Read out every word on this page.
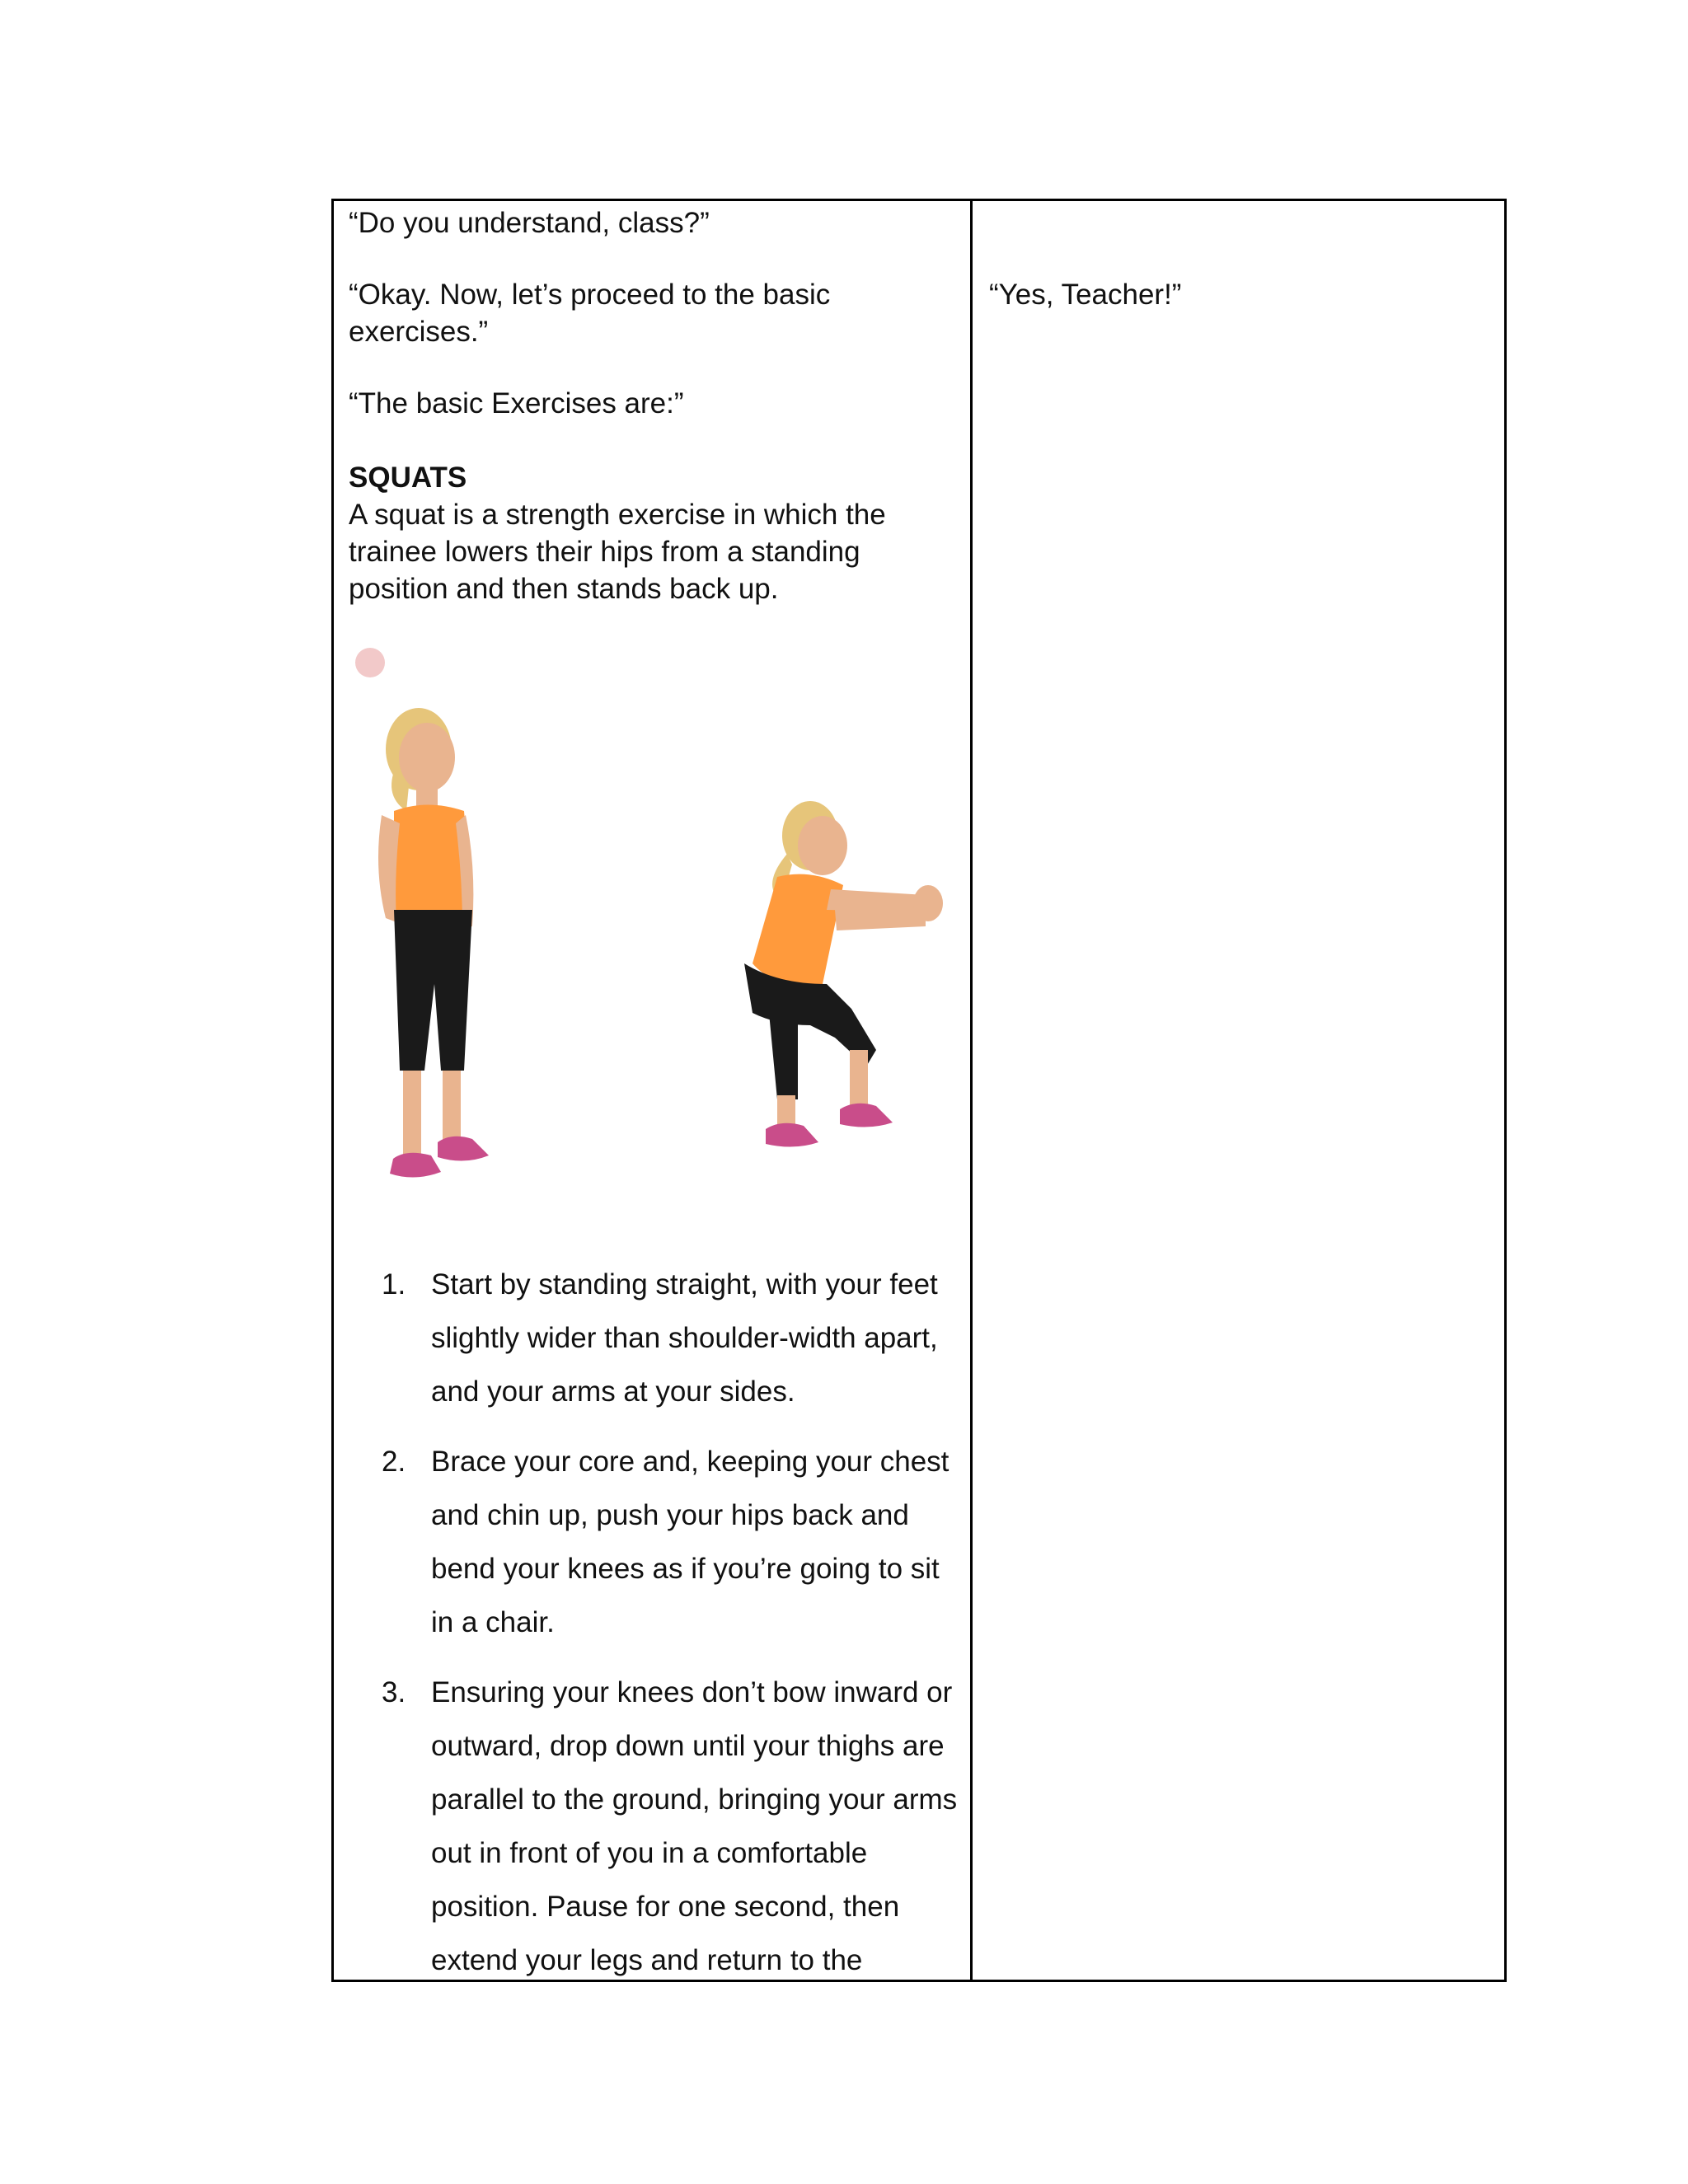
“Do you understand, class?”

“Okay. Now, let’s proceed to the basic exercises.”

“The basic Exercises are:”

SQUATS

A squat is a strength exercise in which the trainee lowers their hips from a standing position and then stands back up.

1. Start by standing straight, with your feet slightly wider than shoulder-width apart, and your arms at your sides.
2. Brace your core and, keeping your chest and chin up, push your hips back and bend your knees as if you’re going to sit in a chair.
3. Ensuring your knees don’t bow inward or outward, drop down until your thighs are parallel to the ground, bringing your arms out in front of you in a comfortable position. Pause for one second, then extend your legs and return to the

“Yes, Teacher!”
